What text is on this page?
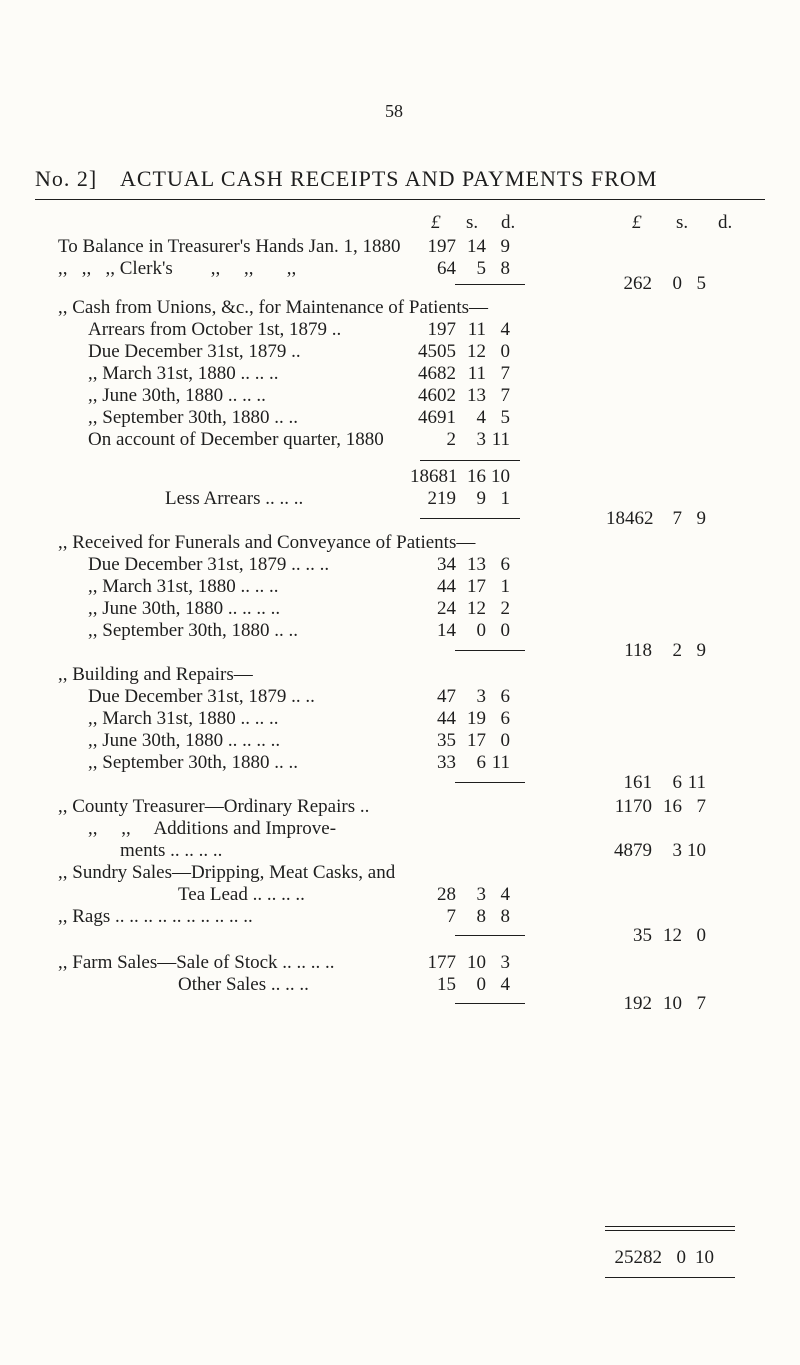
58
No. 2] ACTUAL CASH RECEIPTS AND PAYMENTS FROM
£ s. d.	£ s. d.
To Balance in Treasurer's Hands Jan. 1, 1880	197 14 9
,,   ,,   ,, Clerk's        ,,     ,,       ,,	64 5 8
262 0 5
,, Cash from Unions, &c., for Maintenance of Patients—
Arrears from October 1st, 1879 ..	197 11 4
Due December 31st, 1879 ..	4505 12 0
,, March 31st, 1880 .. .. ..	4682 11 7
,, June 30th, 1880 .. .. ..	4602 13 7
,, September 30th, 1880 .. ..	4691 4 5
On account of December quarter, 1880	2 3 11
18681 16 10
Less Arrears .. .. ..	219 9 1
18462 7 9
,, Received for Funerals and Conveyance of Patients—
Due December 31st, 1879 .. .. ..	34 13 6
,, March 31st, 1880 .. .. ..	44 17 1
,, June 30th, 1880 .. .. .. ..	24 12 2
,, September 30th, 1880 .. ..	14 0 0
118 2 9
,, Building and Repairs—
Due December 31st, 1879 .. ..	47 3 6
,, March 31st, 1880 .. .. ..	44 19 6
,, June 30th, 1880 .. .. .. ..	35 17 0
,, September 30th, 1880 .. ..	33 6 11
161 6 11
,, County Treasurer—Ordinary Repairs ..	1170 16 7
,,     ,,     Additions and Improve-
ments .. .. .. ..	4879 3 10
,, Sundry Sales—Dripping, Meat Casks, and
Tea Lead .. .. .. ..	28 3 4
,, Rags .. .. .. .. .. .. .. .. .. ..	7 8 8
35 12 0
,, Farm Sales—Sale of Stock .. .. .. ..	177 10 3
Other Sales .. .. ..	15 0 4
192 10 7
25282 0 10
